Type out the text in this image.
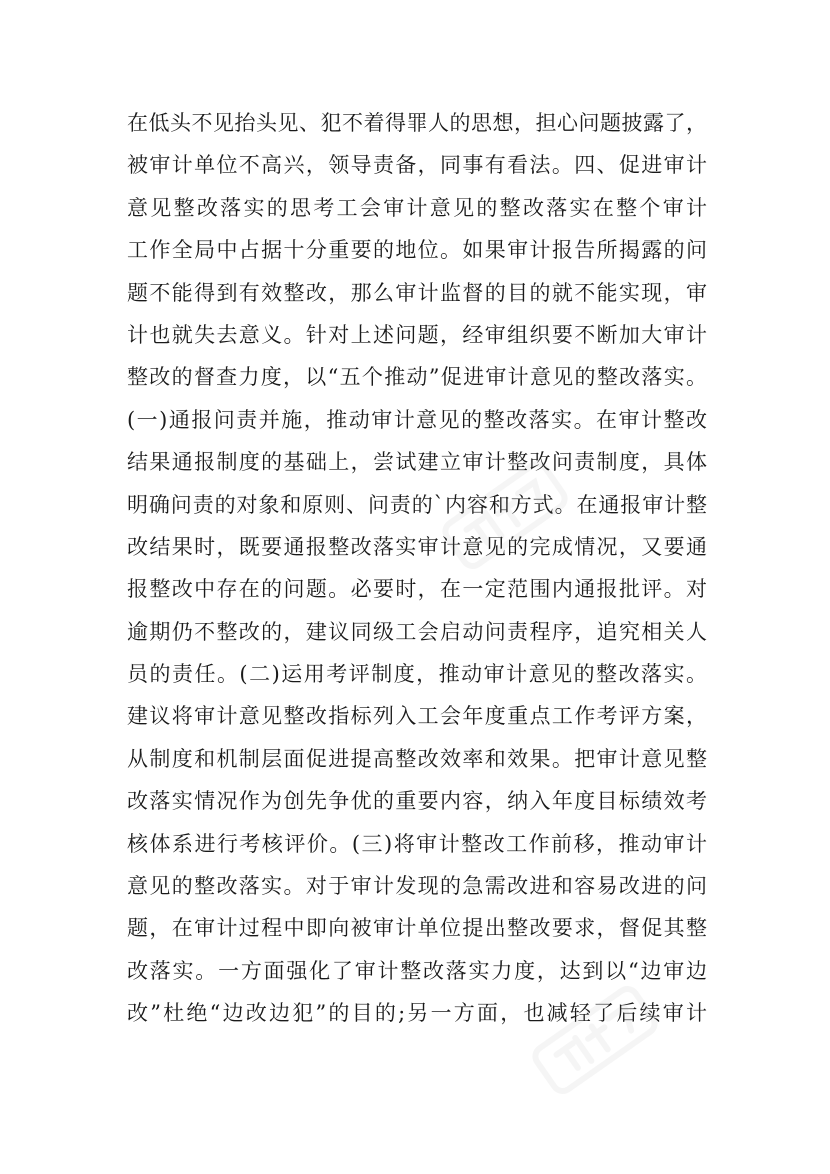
在低头不见抬头见、犯不着得罪人的思想，担心问题披露了，
被审计单位不高兴，领导责备，同事有看法。四、促进审计
意见整改落实的思考工会审计意见的整改落实在整个审计
工作全局中占据十分重要的地位。如果审计报告所揭露的问
题不能得到有效整改，那么审计监督的目的就不能实现，审
计也就失去意义。针对上述问题，经审组织要不断加大审计
整改的督查力度，以“五个推动”促进审计意见的整改落实。
(一)通报问责并施，推动审计意见的整改落实。在审计整改
结果通报制度的基础上，尝试建立审计整改问责制度，具体
明确问责的对象和原则、问责的`内容和方式。在通报审计整
改结果时，既要通报整改落实审计意见的完成情况，又要通
报整改中存在的问题。必要时，在一定范围内通报批评。对
逾期仍不整改的，建议同级工会启动问责程序，追究相关人
员的责任。(二)运用考评制度，推动审计意见的整改落实。
建议将审计意见整改指标列入工会年度重点工作考评方案，
从制度和机制层面促进提高整改效率和效果。把审计意见整
改落实情况作为创先争优的重要内容，纳入年度目标绩效考
核体系进行考核评价。(三)将审计整改工作前移，推动审计
意见的整改落实。对于审计发现的急需改进和容易改进的问
题，在审计过程中即向被审计单位提出整改要求，督促其整
改落实。一方面强化了审计整改落实力度，达到以“边审边
改”杜绝“边改边犯”的目的;另一方面，也减轻了后续审计
